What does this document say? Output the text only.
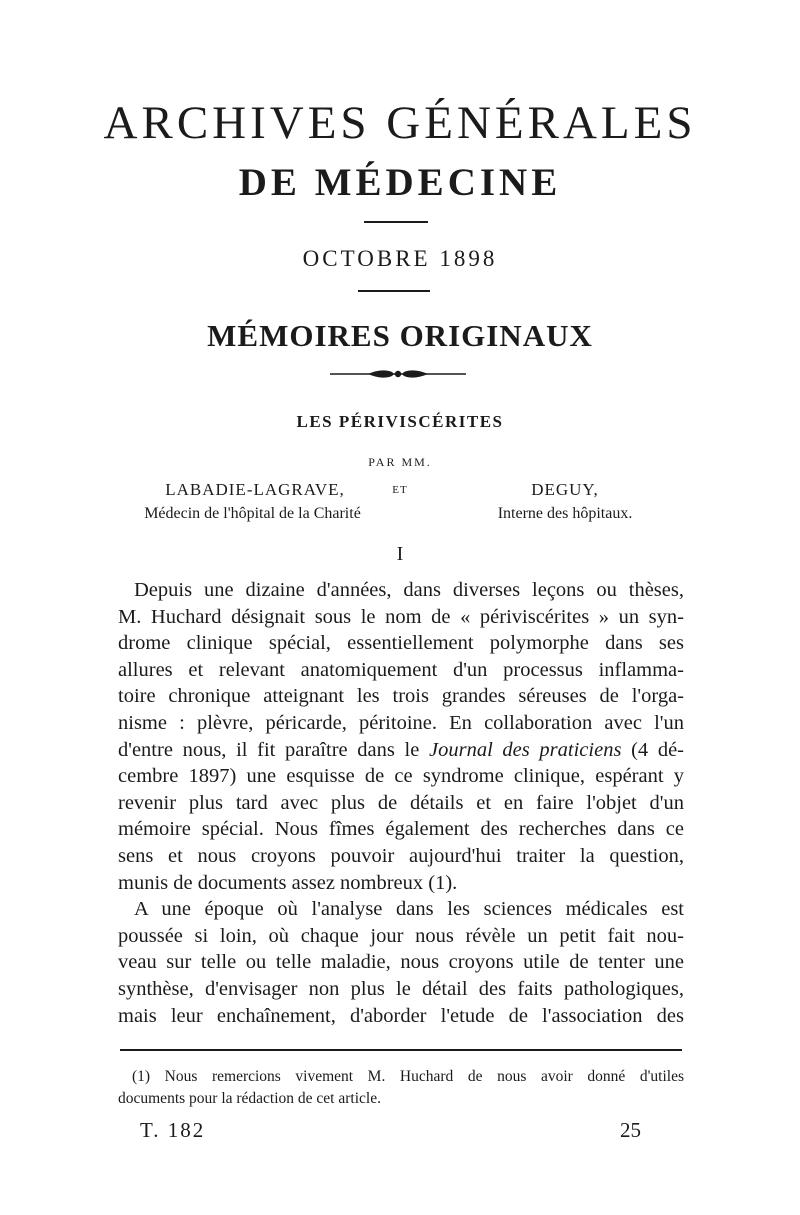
ARCHIVES GÉNÉRALES
DE MÉDECINE
OCTOBRE 1898
MÉMOIRES ORIGINAUX
LES PÉRIVISCÉRITES
PAR MM.
LABADIE-LAGRAVE,	ET	DEGUY,
Médecin de l'hôpital de la Charité	Interne des hôpitaux.
I
Depuis une dizaine d'années, dans diverses leçons ou thèses,
M. Huchard désignait sous le nom de « périviscérites » un syn-
drome clinique spécial, essentiellement polymorphe dans ses
allures et relevant anatomiquement d'un processus inflamma-
toire chronique atteignant les trois grandes séreuses de l'orga-
nisme : plèvre, péricarde, péritoine. En collaboration avec l'un
d'entre nous, il fit paraître dans le Journal des praticiens (4 dé-
cembre 1897) une esquisse de ce syndrome clinique, espérant y
revenir plus tard avec plus de détails et en faire l'objet d'un
mémoire spécial. Nous fîmes également des recherches dans ce
sens et nous croyons pouvoir aujourd'hui traiter la question,
munis de documents assez nombreux (1).
A une époque où l'analyse dans les sciences médicales est
poussée si loin, où chaque jour nous révèle un petit fait nou-
veau sur telle ou telle maladie, nous croyons utile de tenter une
synthèse, d'envisager non plus le détail des faits pathologiques,
mais leur enchaînement, d'aborder l'etude de l'association des
(1) Nous remercions vivement M. Huchard de nous avoir donné d'utiles
documents pour la rédaction de cet article.
T. 182	25
